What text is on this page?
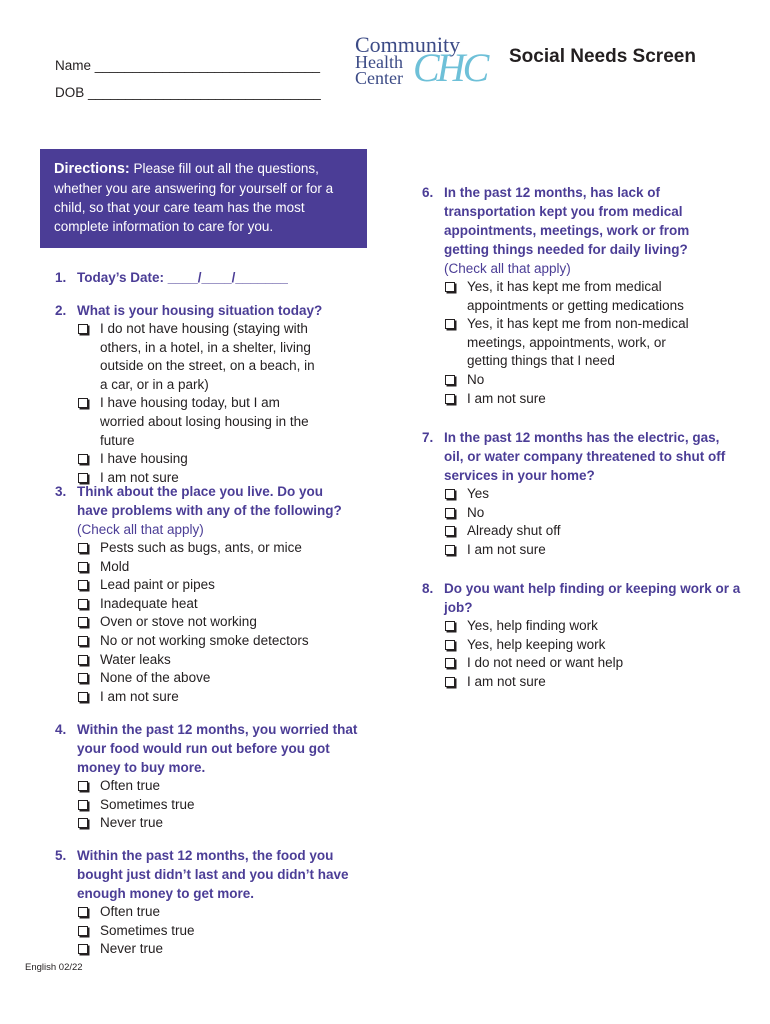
Name ______________________________
DOB _______________________________
Community
Health
Center CHC Social Needs Screen
Directions: Please fill out all the questions, whether you are answering for yourself or for a child, so that your care team has the most complete information to care for you.
1. Today’s Date: ____/____/_______
2. What is your housing situation today?
I do not have housing (staying with others, in a hotel, in a shelter, living outside on the street, on a beach, in a car, or in a park)
I have housing today, but I am worried about losing housing in the future
I have housing
I am not sure
3. Think about the place you live. Do you have problems with any of the following?
(Check all that apply)
Pests such as bugs, ants, or mice
Mold
Lead paint or pipes
Inadequate heat
Oven or stove not working
No or not working smoke detectors
Water leaks
None of the above
I am not sure
4. Within the past 12 months, you worried that your food would run out before you got money to buy more.
Often true
Sometimes true
Never true
5. Within the past 12 months, the food you bought just didn’t last and you didn’t have enough money to get more.
Often true
Sometimes true
Never true
6. In the past 12 months, has lack of transportation kept you from medical appointments, meetings, work or from getting things needed for daily living?
(Check all that apply)
Yes, it has kept me from medical appointments or getting medications
Yes, it has kept me from non-medical meetings, appointments, work, or getting things that I need
No
I am not sure
7. In the past 12 months has the electric, gas, oil, or water company threatened to shut off services in your home?
Yes
No
Already shut off
I am not sure
8. Do you want help finding or keeping work or a job?
Yes, help finding work
Yes, help keeping work
I do not need or want help
I am not sure
English 02/22
